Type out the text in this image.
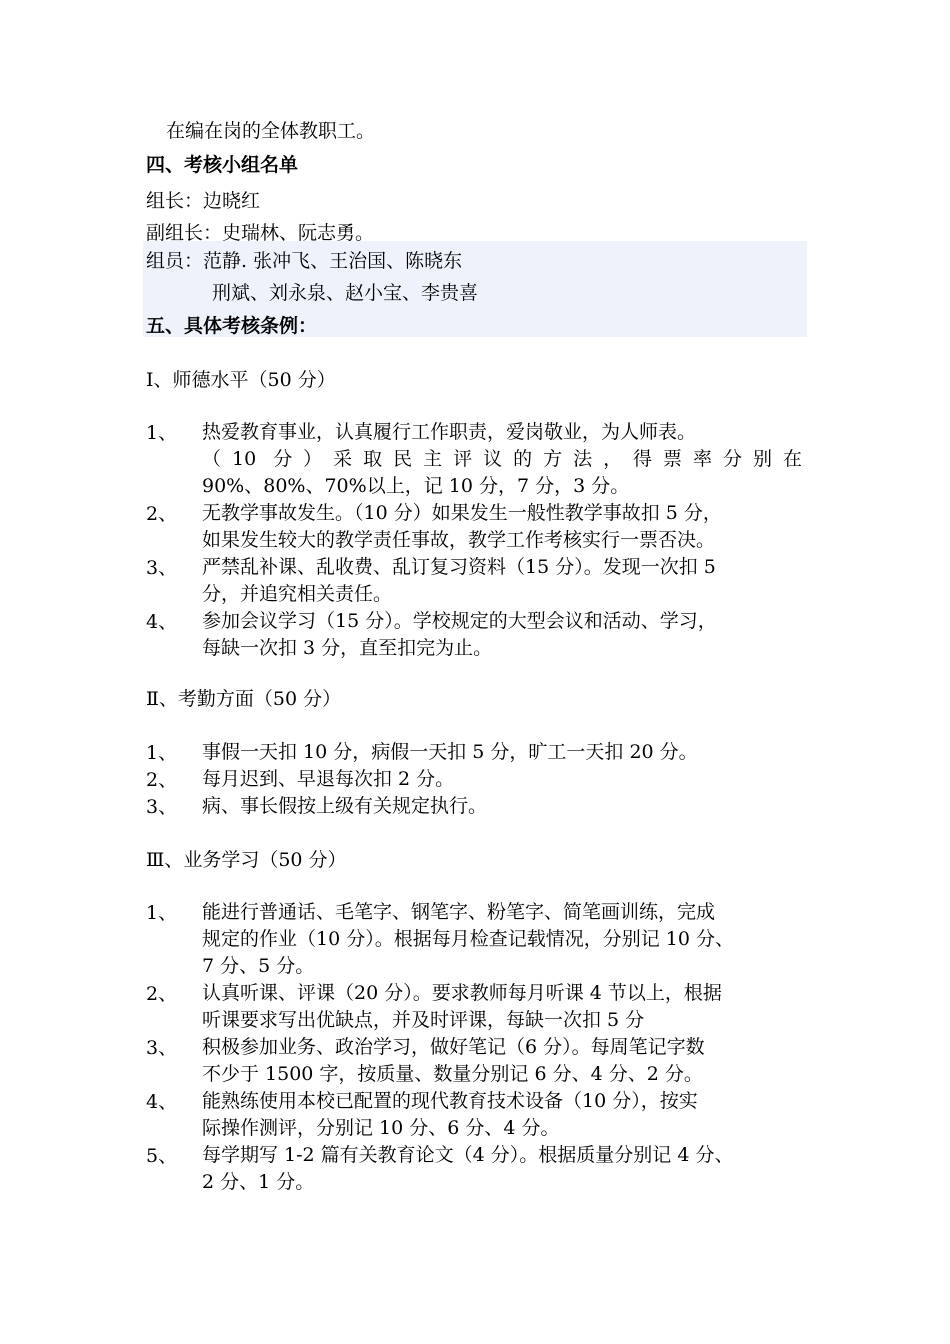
在编在岗的全体教职工。
四、考核小组名单
组长：边晓红
副组长：史瑞林、阮志勇。
组员：范静. 张冲飞、王治国、陈晓东
刑斌、刘永泉、赵小宝、李贵喜
五、具体考核条例：
Ⅰ、师德水平（50 分）
1、 热爱教育事业，认真履行工作职责，爱岗敬业，为人师表。
（10 分）采取民主评议的方法，得票率分别在
90%、80%、70%以上，记 10 分，7 分，3 分。
2、 无教学事故发生。（10 分）如果发生一般性教学事故扣 5 分，
如果发生较大的教学责任事故，教学工作考核实行一票否决。
3、 严禁乱补课、乱收费、乱订复习资料（15 分）。发现一次扣 5
分，并追究相关责任。
4、 参加会议学习（15 分）。学校规定的大型会议和活动、学习，
每缺一次扣 3 分，直至扣完为止。
Ⅱ、考勤方面（50 分）
1、 事假一天扣 10 分，病假一天扣 5 分，旷工一天扣 20 分。
2、 每月迟到、早退每次扣 2 分。
3、 病、事长假按上级有关规定执行。
Ⅲ、业务学习（50 分）
1、 能进行普通话、毛笔字、钢笔字、粉笔字、简笔画训练，完成
规定的作业（10 分）。根据每月检查记载情况，分别记 10 分、
7 分、5 分。
2、 认真听课、评课（20 分）。要求教师每月听课 4 节以上，根据
听课要求写出优缺点，并及时评课，每缺一次扣 5 分
3、 积极参加业务、政治学习，做好笔记（6 分）。每周笔记字数
不少于 1500 字，按质量、数量分别记 6 分、4 分、2 分。
4、 能熟练使用本校已配置的现代教育技术设备（10 分），按实
际操作测评，分别记 10 分、6 分、4 分。
5、 每学期写 1-2 篇有关教育论文（4 分）。根据质量分别记 4 分、
2 分、1 分。
